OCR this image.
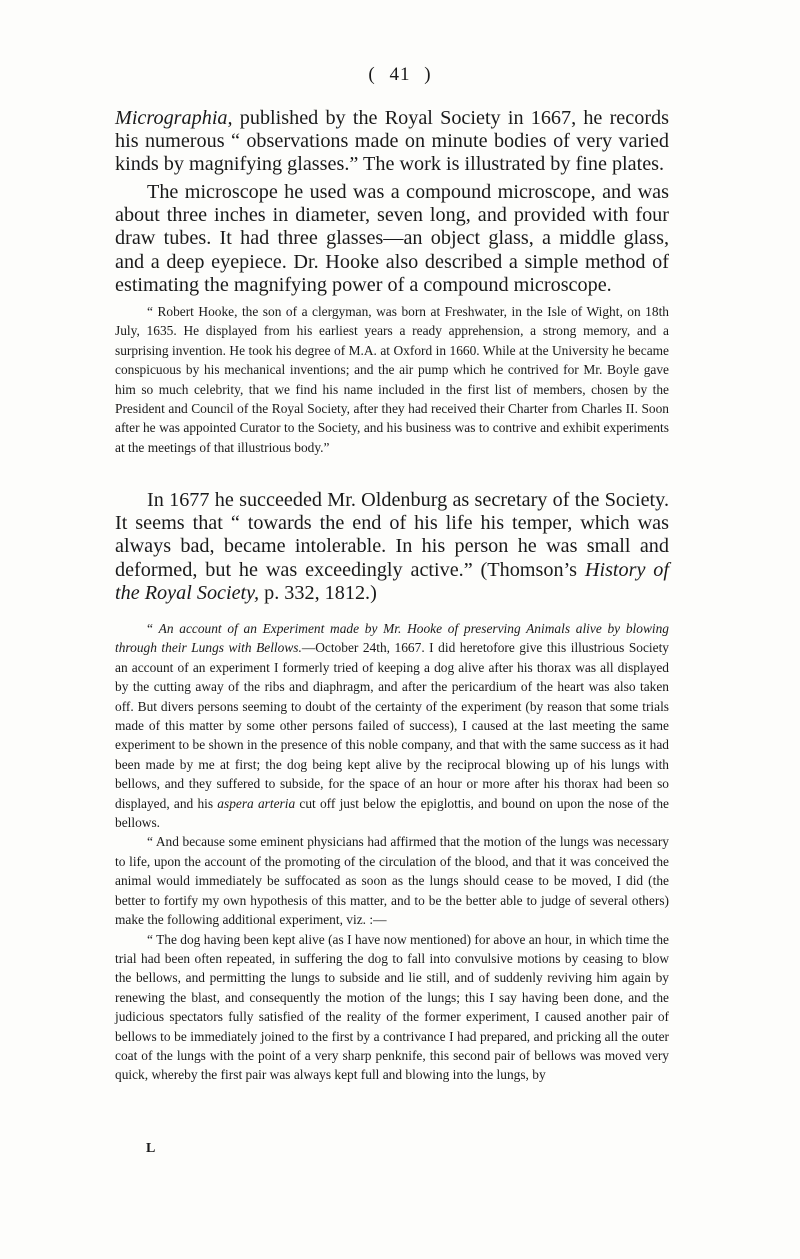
( 41 )

Micrographia, published by the Royal Society in 1667, he records his numerous “ observations made on minute bodies of very varied kinds by magnifying glasses.” The work is illustrated by fine plates.

The microscope he used was a compound microscope, and was about three inches in diameter, seven long, and provided with four draw tubes. It had three glasses—an object glass, a middle glass, and a deep eyepiece. Dr. Hooke also described a simple method of estimating the magnifying power of a compound microscope.

“ Robert Hooke, the son of a clergyman, was born at Freshwater, in the Isle of Wight, on 18th July, 1635. He displayed from his earliest years a ready apprehension, a strong memory, and a surprising invention. He took his degree of M.A. at Oxford in 1660. While at the University he became conspicuous by his mechanical inventions; and the air pump which he contrived for Mr. Boyle gave him so much celebrity, that we find his name included in the first list of members, chosen by the President and Council of the Royal Society, after they had received their Charter from Charles II. Soon after he was appointed Curator to the Society, and his business was to contrive and exhibit experiments at the meetings of that illustrious body.”

In 1677 he succeeded Mr. Oldenburg as secretary of the Society. It seems that “ towards the end of his life his temper, which was always bad, became intolerable. In his person he was small and deformed, but he was exceedingly active.” (Thomson’s History of the Royal Society, p. 332, 1812.)

“ An account of an Experiment made by Mr. Hooke of preserving Animals alive by blowing through their Lungs with Bellows.—October 24th, 1667. I did heretofore give this illustrious Society an account of an experiment I formerly tried of keeping a dog alive after his thorax was all displayed by the cutting away of the ribs and diaphragm, and after the pericardium of the heart was also taken off. But divers persons seeming to doubt of the certainty of the experiment (by reason that some trials made of this matter by some other persons failed of success), I caused at the last meeting the same experiment to be shown in the presence of this noble company, and that with the same success as it had been made by me at first; the dog being kept alive by the reciprocal blowing up of his lungs with bellows, and they suffered to subside, for the space of an hour or more after his thorax had been so displayed, and his aspera arteria cut off just below the epiglottis, and bound on upon the nose of the bellows.

“ And because some eminent physicians had affirmed that the motion of the lungs was necessary to life, upon the account of the promoting of the circulation of the blood, and that it was conceived the animal would immediately be suffocated as soon as the lungs should cease to be moved, I did (the better to fortify my own hypothesis of this matter, and to be the better able to judge of several others) make the following additional experiment, viz. :—

“ The dog having been kept alive (as I have now mentioned) for above an hour, in which time the trial had been often repeated, in suffering the dog to fall into convulsive motions by ceasing to blow the bellows, and permitting the lungs to subside and lie still, and of suddenly reviving him again by renewing the blast, and consequently the motion of the lungs; this I say having been done, and the judicious spectators fully satisfied of the reality of the former experiment, I caused another pair of bellows to be immediately joined to the first by a contrivance I had prepared, and pricking all the outer coat of the lungs with the point of a very sharp penknife, this second pair of bellows was moved very quick, whereby the first pair was always kept full and blowing into the lungs, by

L
